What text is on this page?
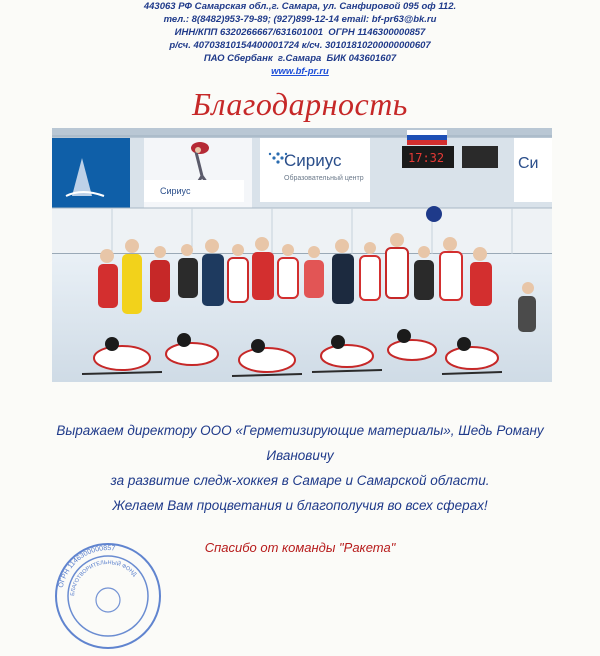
443063 РФ Самарская обл.,г. Самара, ул. Санфировой 095 оф 112.
тел.: 8(8482)953-79-89; (927)899-12-14 email: bf-pr63@bk.ru
ИНН/КПП 6320266667/631601001  ОГРН 1146300000857
р/сч. 40703810154400001724 к/сч. 30101810200000000607
ПАО Сбербанк  г.Самара  БИК 043601607
www.bf-pr.ru
Благодарность
Сириус
Образовательный центр
Сириус
17:32	Си
Выражаем директору ООО «Герметизирующие материалы», Шедь Роману
Ивановичу
за развитие следж-хоккея в Самаре и Самарской области.
Желаем Вам процветания и благополучия во всех сферах!
Спасибо от команды "Ракета"
ОГРН 1146300000857
БЛАГОТВОРИТЕЛЬНЫЙ ФОНД
